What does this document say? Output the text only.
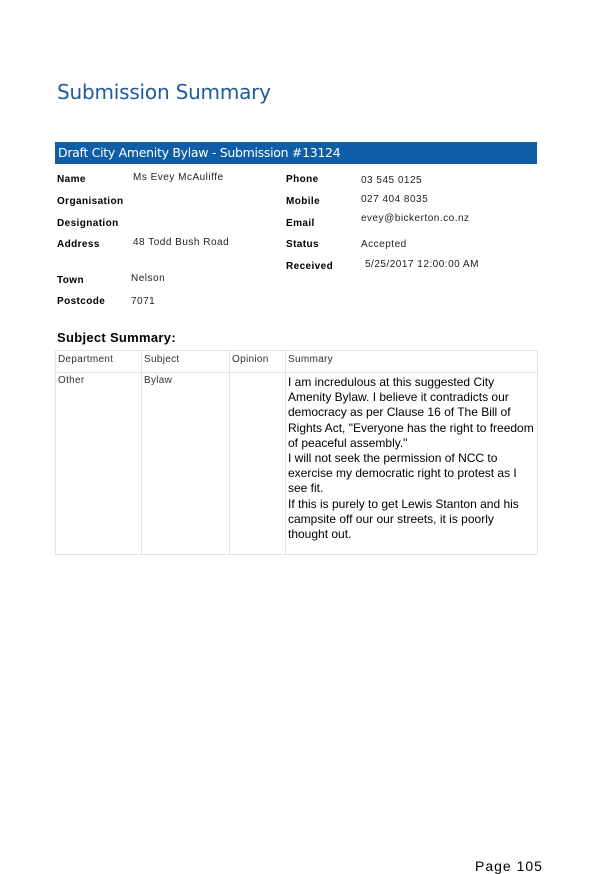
Submission Summary
Draft City Amenity Bylaw - Submission #13124
Name	Ms Evey McAuliffe
Organisation
Designation
Address	48 Todd Bush Road
Town	Nelson
Postcode	7071
Phone	03 545 0125
Mobile	027 404 8035
Email	evey@bickerton.co.nz
Status	Accepted
Received	5/25/2017 12:00:00 AM
Subject Summary:
Department	Subject	Opinion	Summary
Other	Bylaw		I am incredulous at this suggested City Amenity Bylaw. I believe it contradicts our democracy as per Clause 16 of The Bill of Rights Act, "Everyone has the right to freedom of peaceful assembly."
I will not seek the permission of NCC to exercise my democratic right to protest as I see fit.
If this is purely to get Lewis Stanton and his campsite off our our streets, it is poorly thought out.
Page 105
